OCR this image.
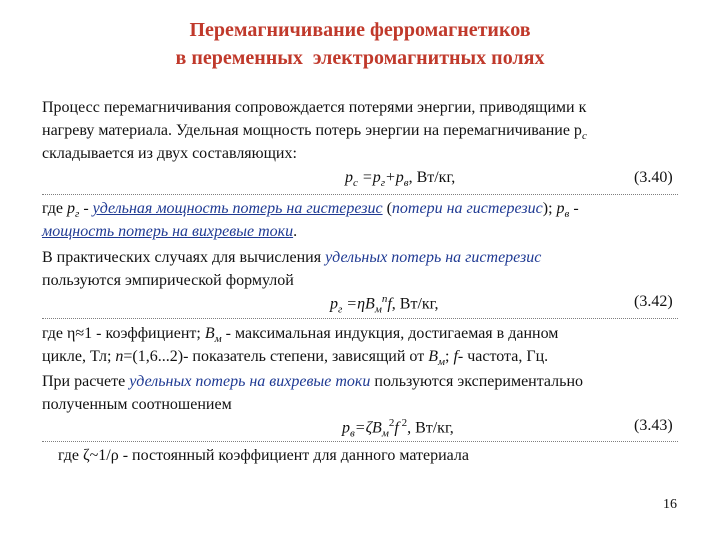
Перемагничивание ферромагнетиков
в переменных  электромагнитных полях
Процесс перемагничивания сопровождается потерями энергии, приводящими к
нагреву материала. Удельная мощность потерь энергии на перемагничивание $p_c$
складывается из двух составляющих:
$p_c =p_г+p_в$, Вт/кг,	(3.40)
где $p_г$ - удельная мощность потерь на гистерезис (потери на гистерезис); $p_в$ -
мощность потерь на вихревые токи.
В практических случаях для вычисления удельных потерь на гистерезис
пользуются эмпирической формулой
$p_г =\eta B_м^nf$, Вт/кг,	(3.42)
где η≈1 - коэффициент; $B_м$ - максимальная индукция, достигаемая в данном
цикле, Тл; n=(1,6...2)- показатель степени, зависящий от $B_м$; f- частота, Гц.
При расчете удельных потерь на вихревые токи пользуются экспериментально
полученным соотношением
$p_в=\zeta B_м^2f$ $^2$, Вт/кг,	(3.43)
где ζ~1/ρ - постоянный коэффициент для данного материала
16
